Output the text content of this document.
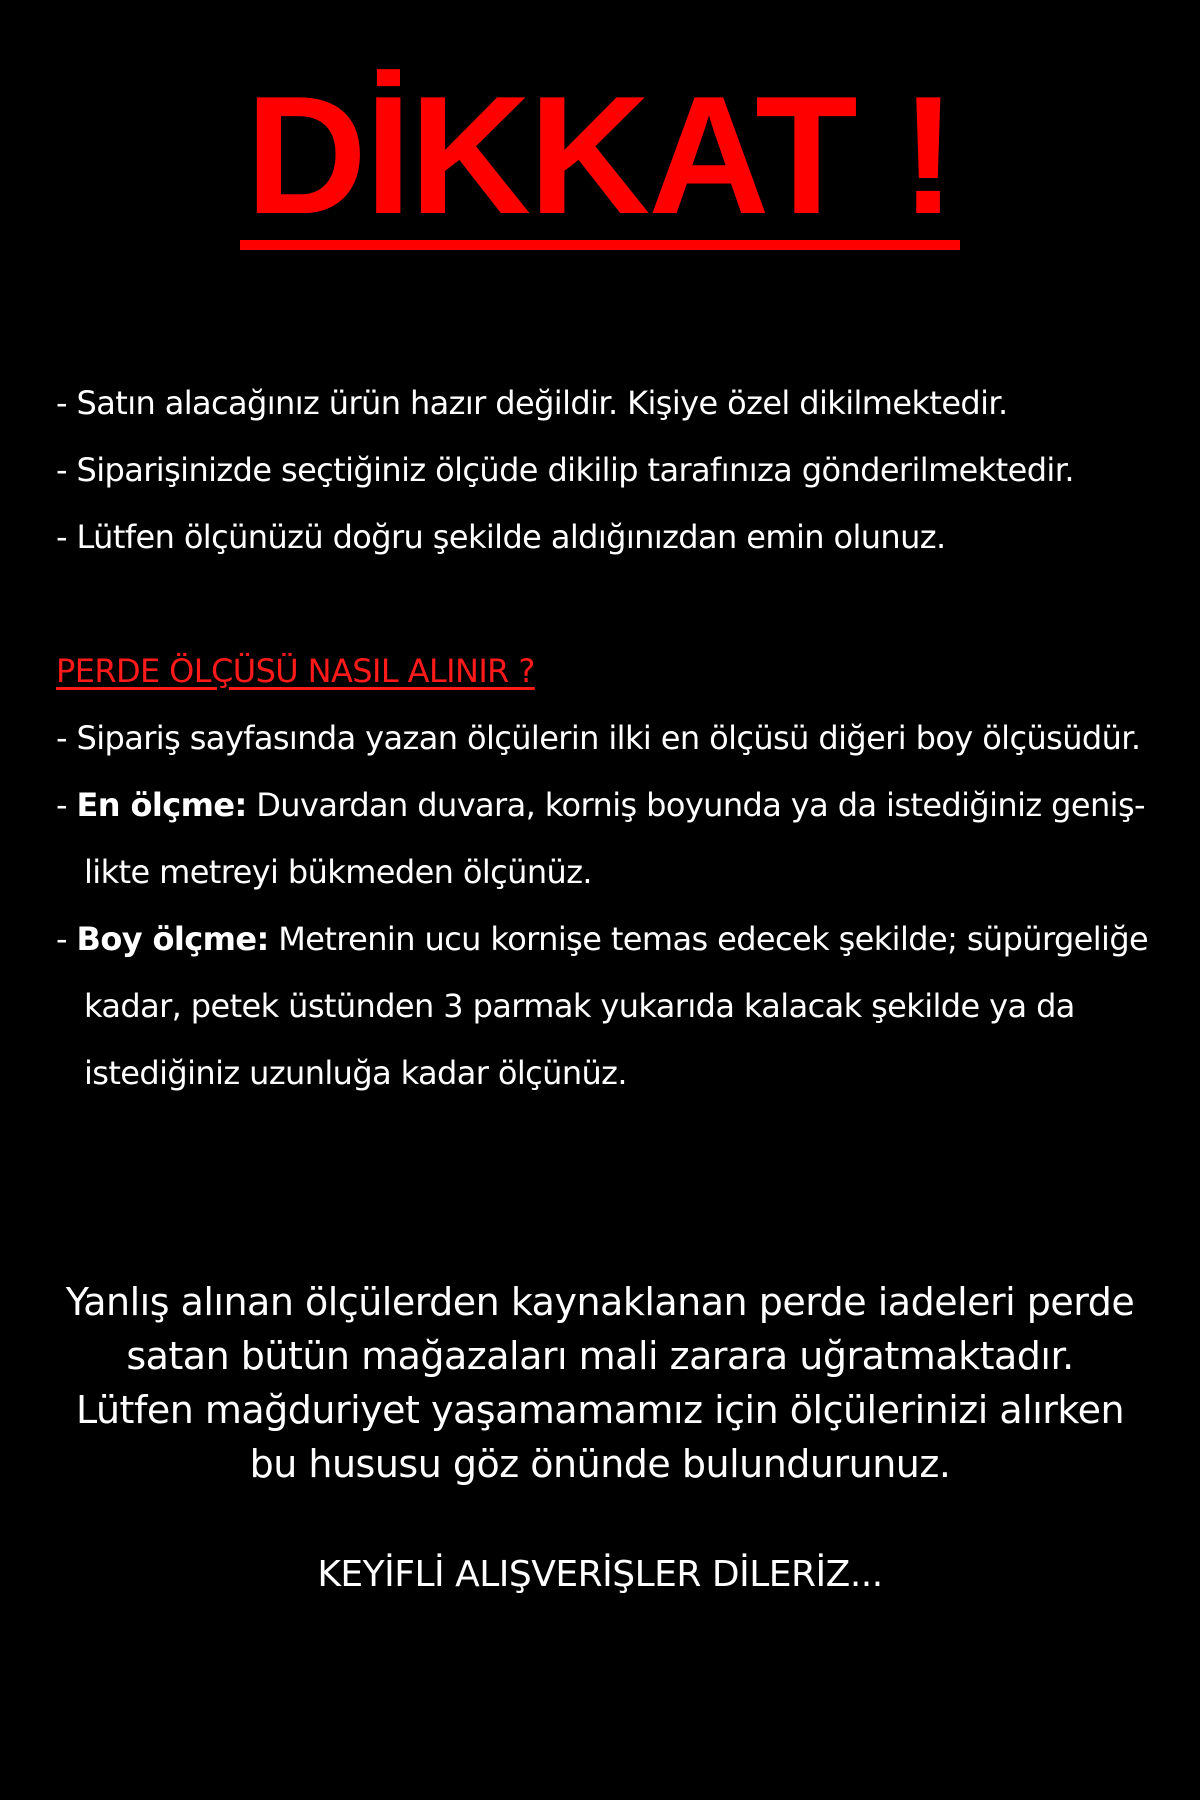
DİKKAT !
- Satın alacağınız ürün hazır değildir. Kişiye özel dikilmektedir.
- Siparişinizde seçtiğiniz ölçüde dikilip tarafınıza gönderilmektedir.
- Lütfen ölçünüzü doğru şekilde aldığınızdan emin olunuz.
PERDE ÖLÇÜSÜ NASIL ALINIR ?
- Sipariş sayfasında yazan ölçülerin ilki en ölçüsü diğeri boy ölçüsüdür.
- En ölçme: Duvardan duvara, korniş boyunda ya da istediğiniz geniş-
likte metreyi bükmeden ölçünüz.
- Boy ölçme: Metrenin ucu kornişe temas edecek şekilde; süpürgeliğe
kadar, petek üstünden 3 parmak yukarıda kalacak şekilde ya da
istediğiniz uzunluğa kadar ölçünüz.

Yanlış alınan ölçülerden kaynaklanan perde iadeleri perde

satan bütün mağazaları mali zarara uğratmaktadır.

Lütfen mağduriyet yaşamamamız için ölçülerinizi alırken

bu hususu göz önünde bulundurunuz.

KEYİFLİ ALIŞVERİŞLER DİLERİZ...
